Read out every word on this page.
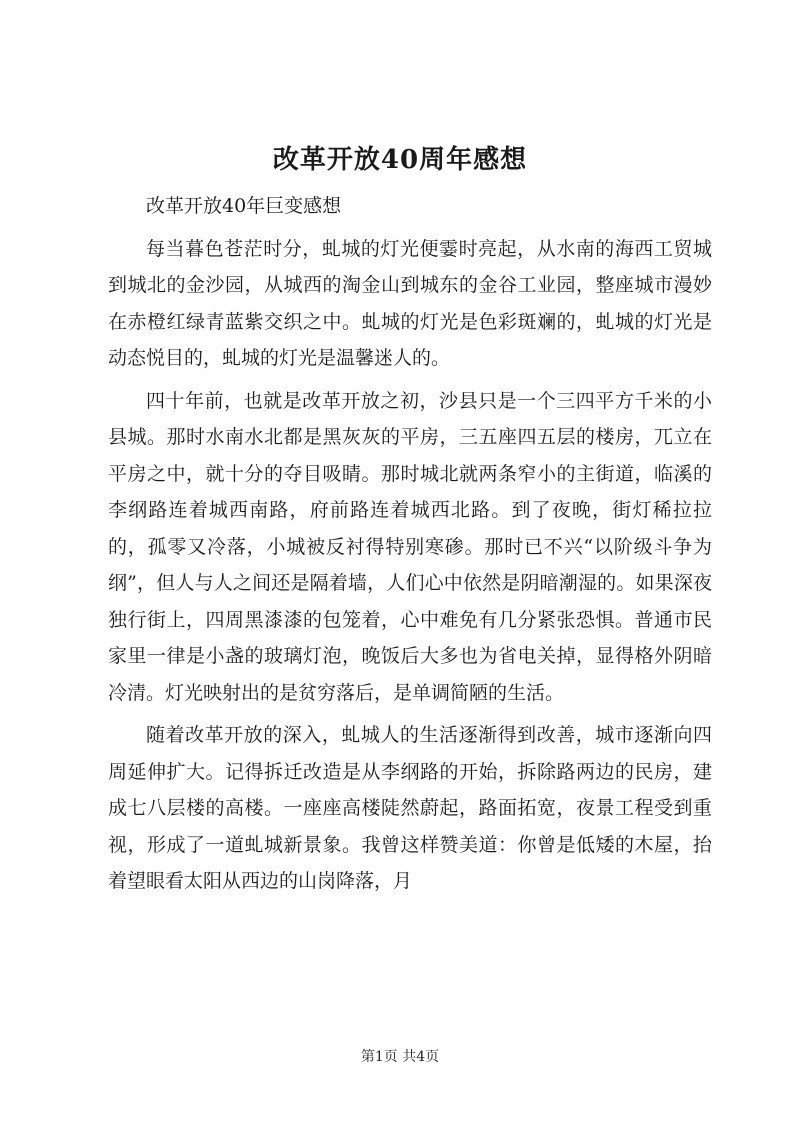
改革开放40周年感想

改革开放40年巨变感想

每当暮色苍茫时分，虬城的灯光便霎时亮起，从水南的海西工贸城到城北的金沙园，从城西的淘金山到城东的金谷工业园，整座城市漫妙在赤橙红绿青蓝紫交织之中。虬城的灯光是色彩斑斓的，虬城的灯光是动态悦目的，虬城的灯光是温馨迷人的。

四十年前，也就是改革开放之初，沙县只是一个三四平方千米的小县城。那时水南水北都是黑灰灰的平房，三五座四五层的楼房，兀立在平房之中，就十分的夺目吸睛。那时城北就两条窄小的主街道，临溪的李纲路连着城西南路，府前路连着城西北路。到了夜晚，街灯稀拉拉的，孤零又冷落，小城被反衬得特别寒碜。那时已不兴“以阶级斗争为纲”，但人与人之间还是隔着墙，人们心中依然是阴暗潮湿的。如果深夜独行街上，四周黑漆漆的包笼着，心中难免有几分紧张恐惧。普通市民家里一律是小盏的玻璃灯泡，晚饭后大多也为省电关掉，显得格外阴暗冷清。灯光映射出的是贫穷落后，是单调简陋的生活。

随着改革开放的深入，虬城人的生活逐渐得到改善，城市逐渐向四周延伸扩大。记得拆迁改造是从李纲路的开始，拆除路两边的民房，建成七八层楼的高楼。一座座高楼陡然蔚起，路面拓宽，夜景工程受到重视，形成了一道虬城新景象。我曾这样赞美道：你曾是低矮的木屋，抬着望眼看太阳从西边的山岗降落，月

第1页 共4页
